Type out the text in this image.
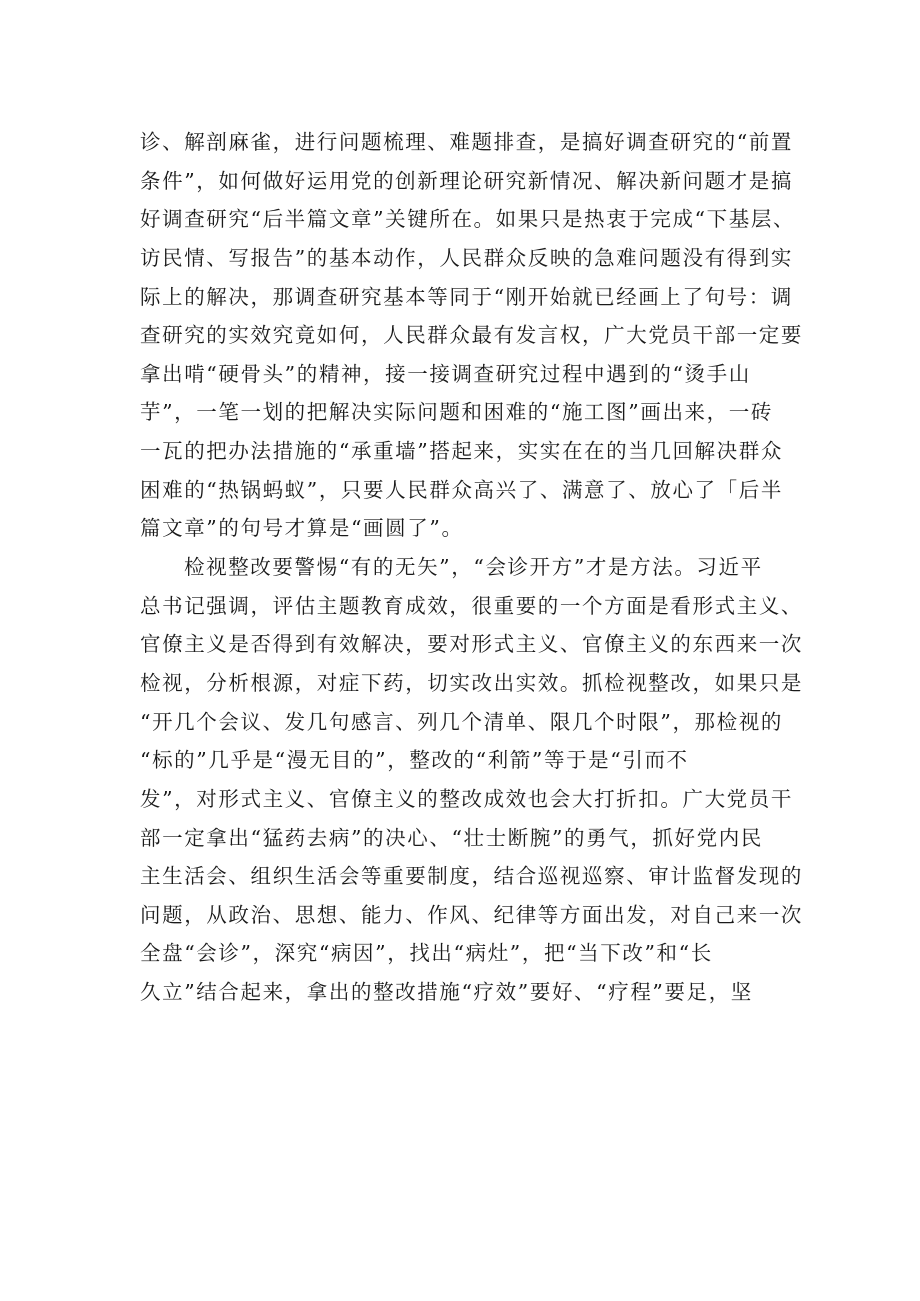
诊、解剖麻雀，进行问题梳理、难题排查，是搞好调查研究的“前置
条件”，如何做好运用党的创新理论研究新情况、解决新问题才是搞
好调查研究“后半篇文章”关键所在。如果只是热衷于完成“下基层、
访民情、写报告”的基本动作，人民群众反映的急难问题没有得到实
际上的解决，那调查研究基本等同于“刚开始就已经画上了句号：调
查研究的实效究竟如何，人民群众最有发言权，广大党员干部一定要
拿出啃“硬骨头”的精神，接一接调查研究过程中遇到的“烫手山
芋”，一笔一划的把解决实际问题和困难的“施工图”画出来，一砖
一瓦的把办法措施的“承重墙”搭起来，实实在在的当几回解决群众
困难的“热锅蚂蚁”，只要人民群众高兴了、满意了、放心了「后半
篇文章”的句号才算是“画圆了”。
检视整改要警惕“有的无矢”，“会诊开方”才是方法。习近平
总书记强调，评估主题教育成效，很重要的一个方面是看形式主义、
官僚主义是否得到有效解决，要对形式主义、官僚主义的东西来一次
检视，分析根源，对症下药，切实改出实效。抓检视整改，如果只是
“开几个会议、发几句感言、列几个清单、限几个时限”，那检视的
“标的”几乎是“漫无目的”，整改的“利箭”等于是“引而不
发”，对形式主义、官僚主义的整改成效也会大打折扣。广大党员干
部一定拿出“猛药去病”的决心、“壮士断腕”的勇气，抓好党内民
主生活会、组织生活会等重要制度，结合巡视巡察、审计监督发现的
问题，从政治、思想、能力、作风、纪律等方面出发，对自己来一次
全盘“会诊”，深究“病因”，找出“病灶”，把“当下改”和“长
久立”结合起来，拿出的整改措施“疗效”要好、“疗程”要足，坚
